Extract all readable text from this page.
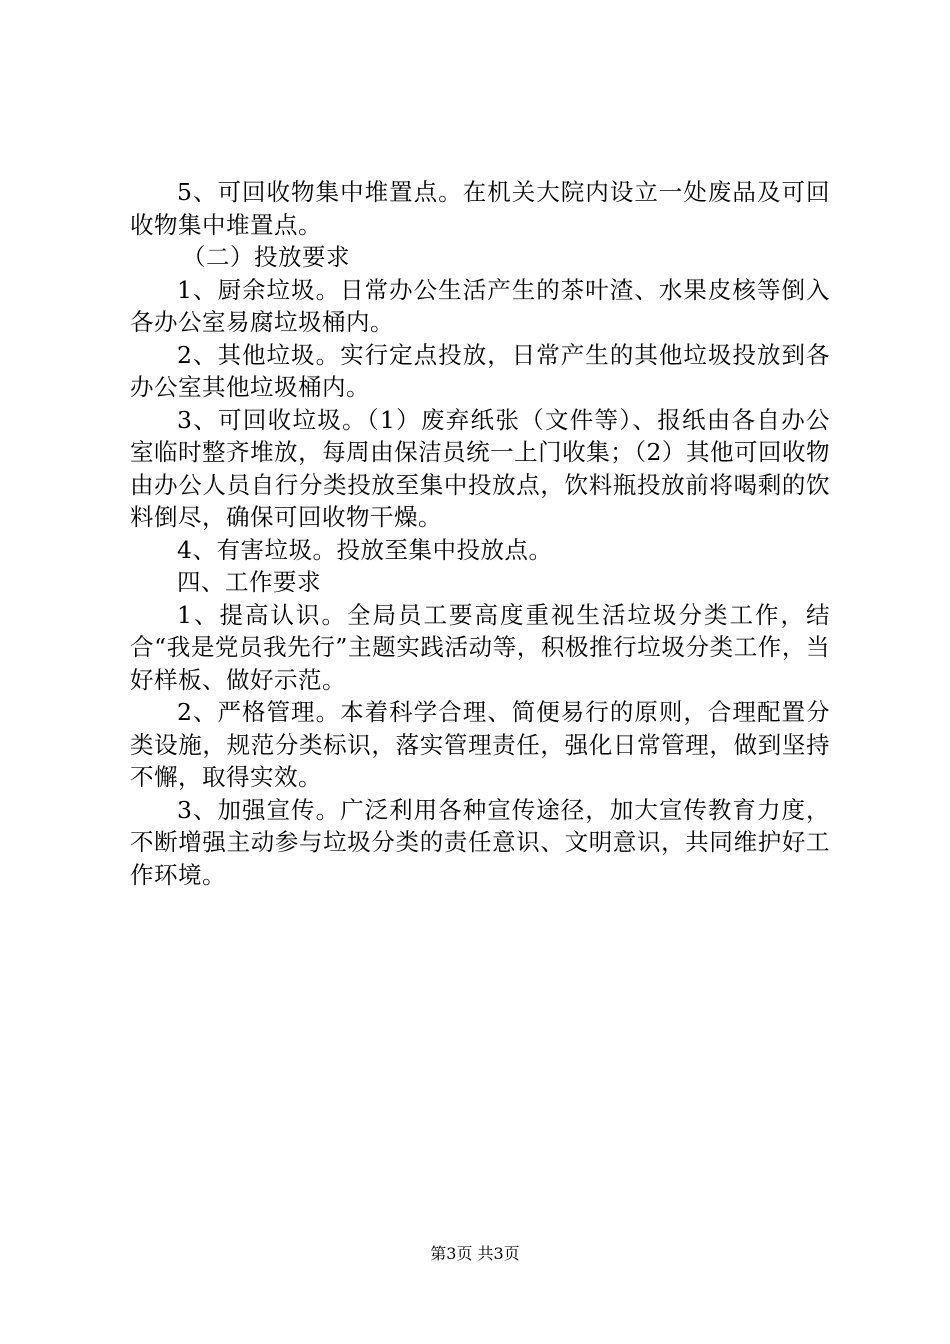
5、可回收物集中堆置点。在机关大院内设立一处废品及可回收物集中堆置点。

（二）投放要求

1、厨余垃圾。日常办公生活产生的茶叶渣、水果皮核等倒入各办公室易腐垃圾桶内。

2、其他垃圾。实行定点投放，日常产生的其他垃圾投放到各办公室其他垃圾桶内。

3、可回收垃圾。（1）废弃纸张（文件等）、报纸由各自办公室临时整齐堆放，每周由保洁员统一上门收集；（2）其他可回收物由办公人员自行分类投放至集中投放点，饮料瓶投放前将喝剩的饮料倒尽，确保可回收物干燥。

4、有害垃圾。投放至集中投放点。

四、工作要求

1、提高认识。全局员工要高度重视生活垃圾分类工作，结合“我是党员我先行”主题实践活动等，积极推行垃圾分类工作，当好样板、做好示范。

2、严格管理。本着科学合理、简便易行的原则，合理配置分类设施，规范分类标识，落实管理责任，强化日常管理，做到坚持不懈，取得实效。

3、加强宣传。广泛利用各种宣传途径，加大宣传教育力度，不断增强主动参与垃圾分类的责任意识、文明意识，共同维护好工作环境。

第3页 共3页
